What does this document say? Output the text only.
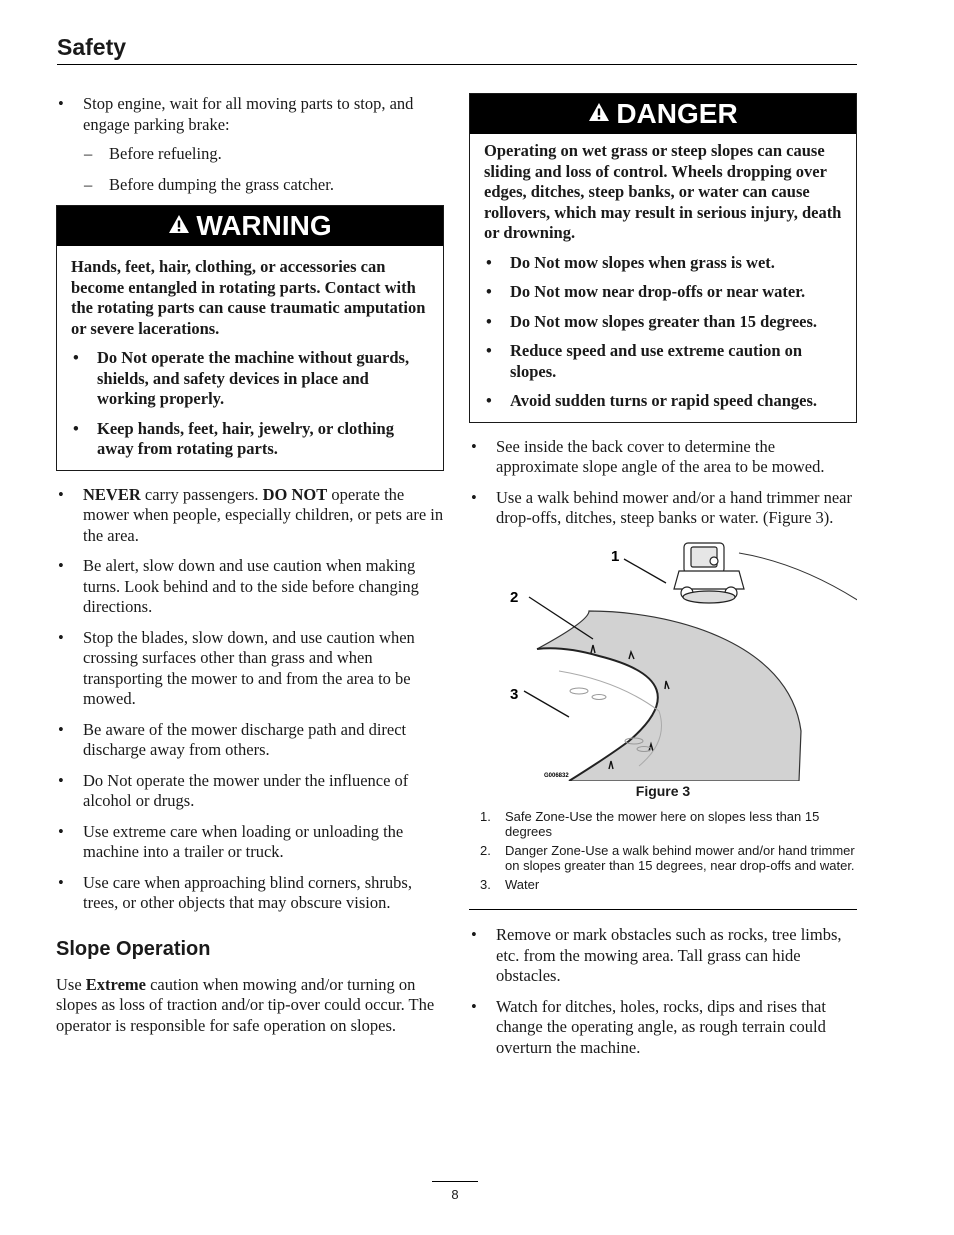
Safety
• Stop engine, wait for all moving parts to stop, and engage parking brake:
– Before refueling.
– Before dumping the grass catcher.
WARNING

Hands, feet, hair, clothing, or accessories can become entangled in rotating parts. Contact with the rotating parts can cause traumatic amputation or severe lacerations.

• Do Not operate the machine without guards, shields, and safety devices in place and working properly.
• Keep hands, feet, hair, jewelry, or clothing away from rotating parts.
• NEVER carry passengers. DO NOT operate the mower when people, especially children, or pets are in the area.
• Be alert, slow down and use caution when making turns. Look behind and to the side before changing directions.
• Stop the blades, slow down, and use caution when crossing surfaces other than grass and when transporting the mower to and from the area to be mowed.
• Be aware of the mower discharge path and direct discharge away from others.
• Do Not operate the mower under the influence of alcohol or drugs.
• Use extreme care when loading or unloading the machine into a trailer or truck.
• Use care when approaching blind corners, shrubs, trees, or other objects that may obscure vision.
Slope Operation
Use Extreme caution when mowing and/or turning on slopes as loss of traction and/or tip-over could occur. The operator is responsible for safe operation on slopes.
DANGER

Operating on wet grass or steep slopes can cause sliding and loss of control. Wheels dropping over edges, ditches, steep banks, or water can cause rollovers, which may result in serious injury, death or drowning.

• Do Not mow slopes when grass is wet.
• Do Not mow near drop-offs or near water.
• Do Not mow slopes greater than 15 degrees.
• Reduce speed and use extreme caution on slopes.
• Avoid sudden turns or rapid speed changes.
• See inside the back cover to determine the approximate slope angle of the area to be mowed.
• Use a walk behind mower and/or a hand trimmer near drop-offs, ditches, steep banks or water. (Figure 3).
1
2
3
G006832
Figure 3
1. Safe Zone-Use the mower here on slopes less than 15 degrees
2. Danger Zone-Use a walk behind mower and/or hand trimmer on slopes greater than 15 degrees, near drop-offs and water.
3. Water
• Remove or mark obstacles such as rocks, tree limbs, etc. from the mowing area. Tall grass can hide obstacles.
• Watch for ditches, holes, rocks, dips and rises that change the operating angle, as rough terrain could overturn the machine.
8
